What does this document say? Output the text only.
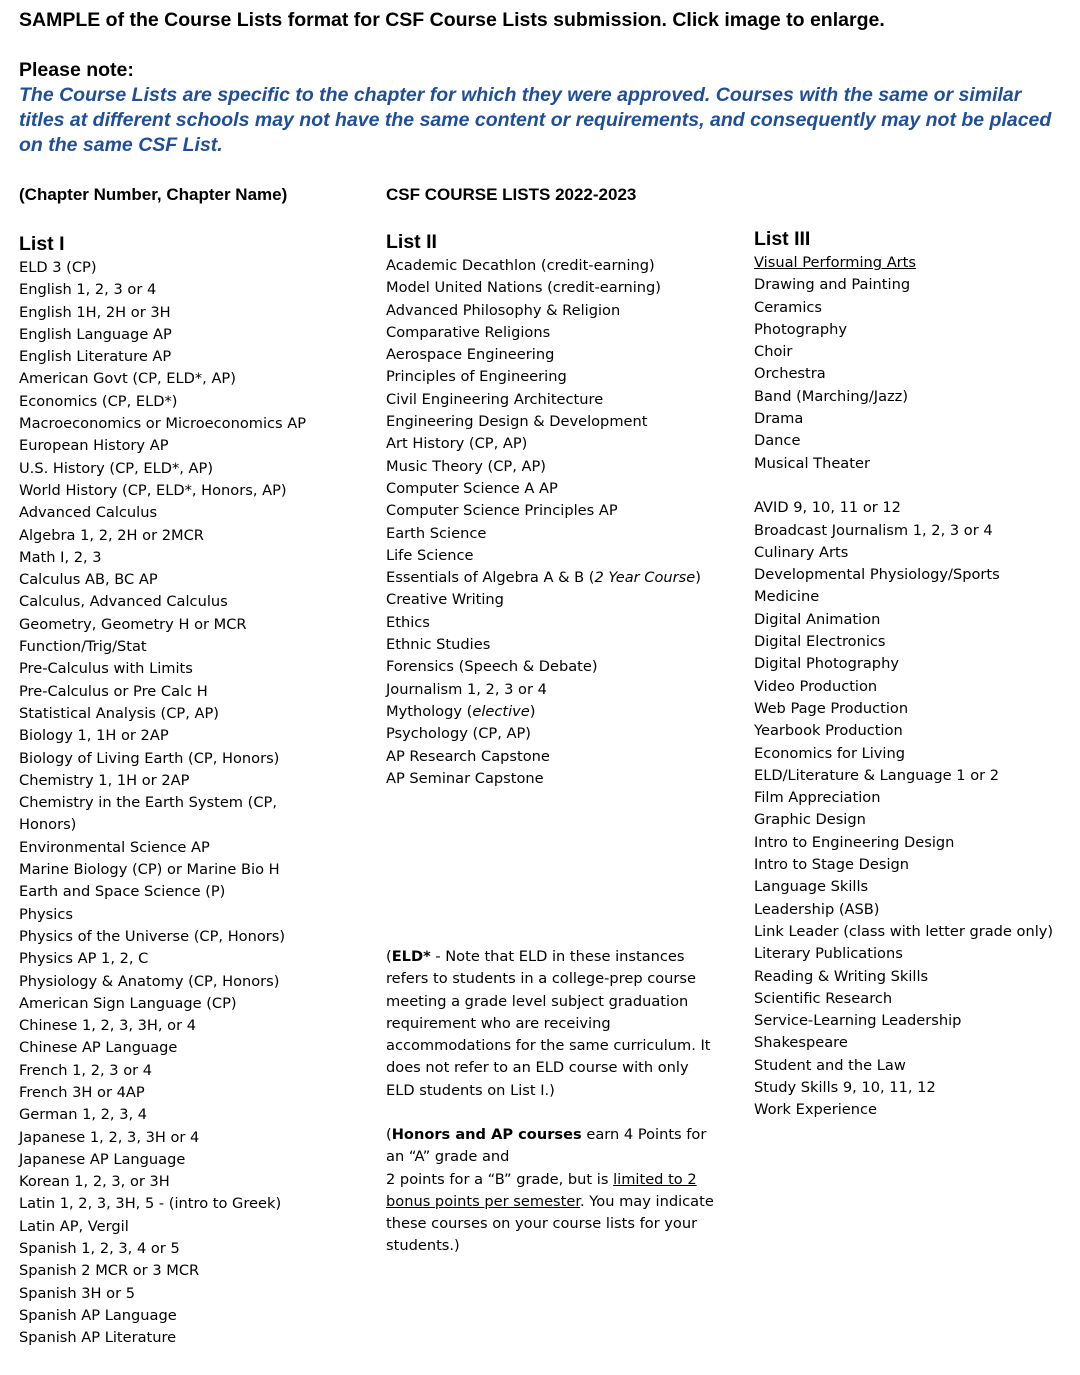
SAMPLE of the Course Lists format for CSF Course Lists submission. Click image to enlarge.
Please note:
The Course Lists are specific to the chapter for which they were approved. Courses with the same or similar titles at different schools may not have the same content or requirements, and consequently may not be placed on the same CSF List.
(Chapter Number, Chapter Name)	CSF COURSE LISTS 2022-2023
List I
ELD 3 (CP)
English 1, 2, 3 or 4
English 1H, 2H or 3H
English Language AP
English Literature AP
American Govt (CP, ELD*, AP)
Economics (CP, ELD*)
Macroeconomics or Microeconomics AP
European History AP
U.S. History (CP, ELD*, AP)
World History (CP, ELD*, Honors, AP)
Advanced Calculus
Algebra 1, 2, 2H or 2MCR
Math I, 2, 3
Calculus AB, BC AP
Calculus, Advanced Calculus
Geometry, Geometry H or MCR
Function/Trig/Stat
Pre-Calculus with Limits
Pre-Calculus or Pre Calc H
Statistical Analysis (CP, AP)
Biology 1, 1H or 2AP
Biology of Living Earth (CP, Honors)
Chemistry 1, 1H or 2AP
Chemistry in the Earth System (CP,
Honors)
Environmental Science AP
Marine Biology (CP) or Marine Bio H
Earth and Space Science (P)
Physics
Physics of the Universe (CP, Honors)
Physics AP 1, 2, C
Physiology & Anatomy (CP, Honors)
American Sign Language (CP)
Chinese 1, 2, 3, 3H, or 4
Chinese AP Language
French 1, 2, 3 or 4
French 3H or 4AP
German 1, 2, 3, 4
Japanese 1, 2, 3, 3H or 4
Japanese AP Language
Korean 1, 2, 3, or 3H
Latin 1, 2, 3, 3H, 5 - (intro to Greek)
Latin AP, Vergil
Spanish 1, 2, 3, 4 or 5
Spanish 2 MCR or 3 MCR
Spanish 3H or 5
Spanish AP Language
Spanish AP Literature
List II
Academic Decathlon (credit-earning)
Model United Nations (credit-earning)
Advanced Philosophy & Religion
Comparative Religions
Aerospace Engineering
Principles of Engineering
Civil Engineering Architecture
Engineering Design & Development
Art History (CP, AP)
Music Theory (CP, AP)
Computer Science A AP
Computer Science Principles AP
Earth Science
Life Science
Essentials of Algebra A & B (2 Year Course)
Creative Writing
Ethics
Ethnic Studies
Forensics (Speech & Debate)
Journalism 1, 2, 3 or 4
Mythology (elective)
Psychology (CP, AP)
AP Research Capstone
AP Seminar Capstone
(ELD* - Note that ELD in these instances refers to students in a college-prep course meeting a grade level subject graduation requirement who are receiving accommodations for the same curriculum. It does not refer to an ELD course with only ELD students on List I.)
(Honors and AP courses earn 4 Points for an “A” grade and
2 points for a “B” grade, but is limited to 2 bonus points per semester. You may indicate these courses on your course lists for your students.)
List III
Visual Performing Arts
Drawing and Painting
Ceramics
Photography
Choir
Orchestra
Band (Marching/Jazz)
Drama
Dance
Musical Theater
AVID 9, 10, 11 or 12
Broadcast Journalism 1, 2, 3 or 4
Culinary Arts
Developmental Physiology/Sports
Medicine
Digital Animation
Digital Electronics
Digital Photography
Video Production
Web Page Production
Yearbook Production
Economics for Living
ELD/Literature & Language 1 or 2
Film Appreciation
Graphic Design
Intro to Engineering Design
Intro to Stage Design
Language Skills
Leadership (ASB)
Link Leader (class with letter grade only)
Literary Publications
Reading & Writing Skills
Scientific Research
Service-Learning Leadership
Shakespeare
Student and the Law
Study Skills 9, 10, 11, 12
Work Experience
